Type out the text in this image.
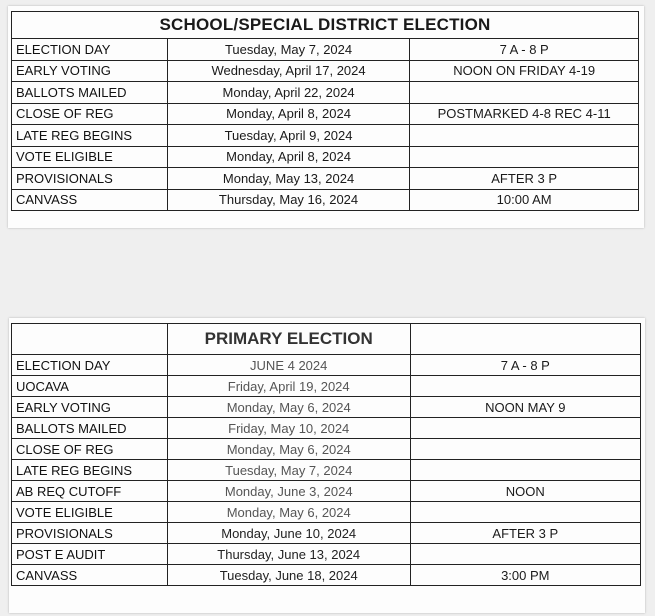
SCHOOL/SPECIAL DISTRICT ELECTION		
ELECTION DAY	Tuesday, May 7, 2024	7 A - 8 P
EARLY VOTING	Wednesday, April 17, 2024	NOON ON FRIDAY 4-19
BALLOTS MAILED	Monday, April 22, 2024	
CLOSE OF REG	Monday, April 8, 2024	POSTMARKED 4-8 REC 4-11
LATE REG BEGINS	Tuesday, April 9, 2024	
VOTE ELIGIBLE	Monday, April 8, 2024	
PROVISIONALS	Monday, May 13, 2024	AFTER 3 P
CANVASS	Thursday, May 16, 2024	10:00 AM
	PRIMARY ELECTION	
ELECTION DAY	JUNE 4 2024	7 A - 8 P
UOCAVA	Friday, April 19, 2024	
EARLY VOTING	Monday, May 6, 2024	NOON MAY 9
BALLOTS MAILED	Friday, May 10, 2024	
CLOSE OF REG	Monday, May 6, 2024	
LATE REG BEGINS	Tuesday, May 7, 2024	
AB REQ CUTOFF	Monday, June 3, 2024	NOON
VOTE ELIGIBLE	Monday, May 6, 2024	
PROVISIONALS	Monday, June 10, 2024	AFTER 3 P
POST E AUDIT	Thursday, June 13, 2024	
CANVASS	Tuesday, June 18, 2024	3:00 PM
